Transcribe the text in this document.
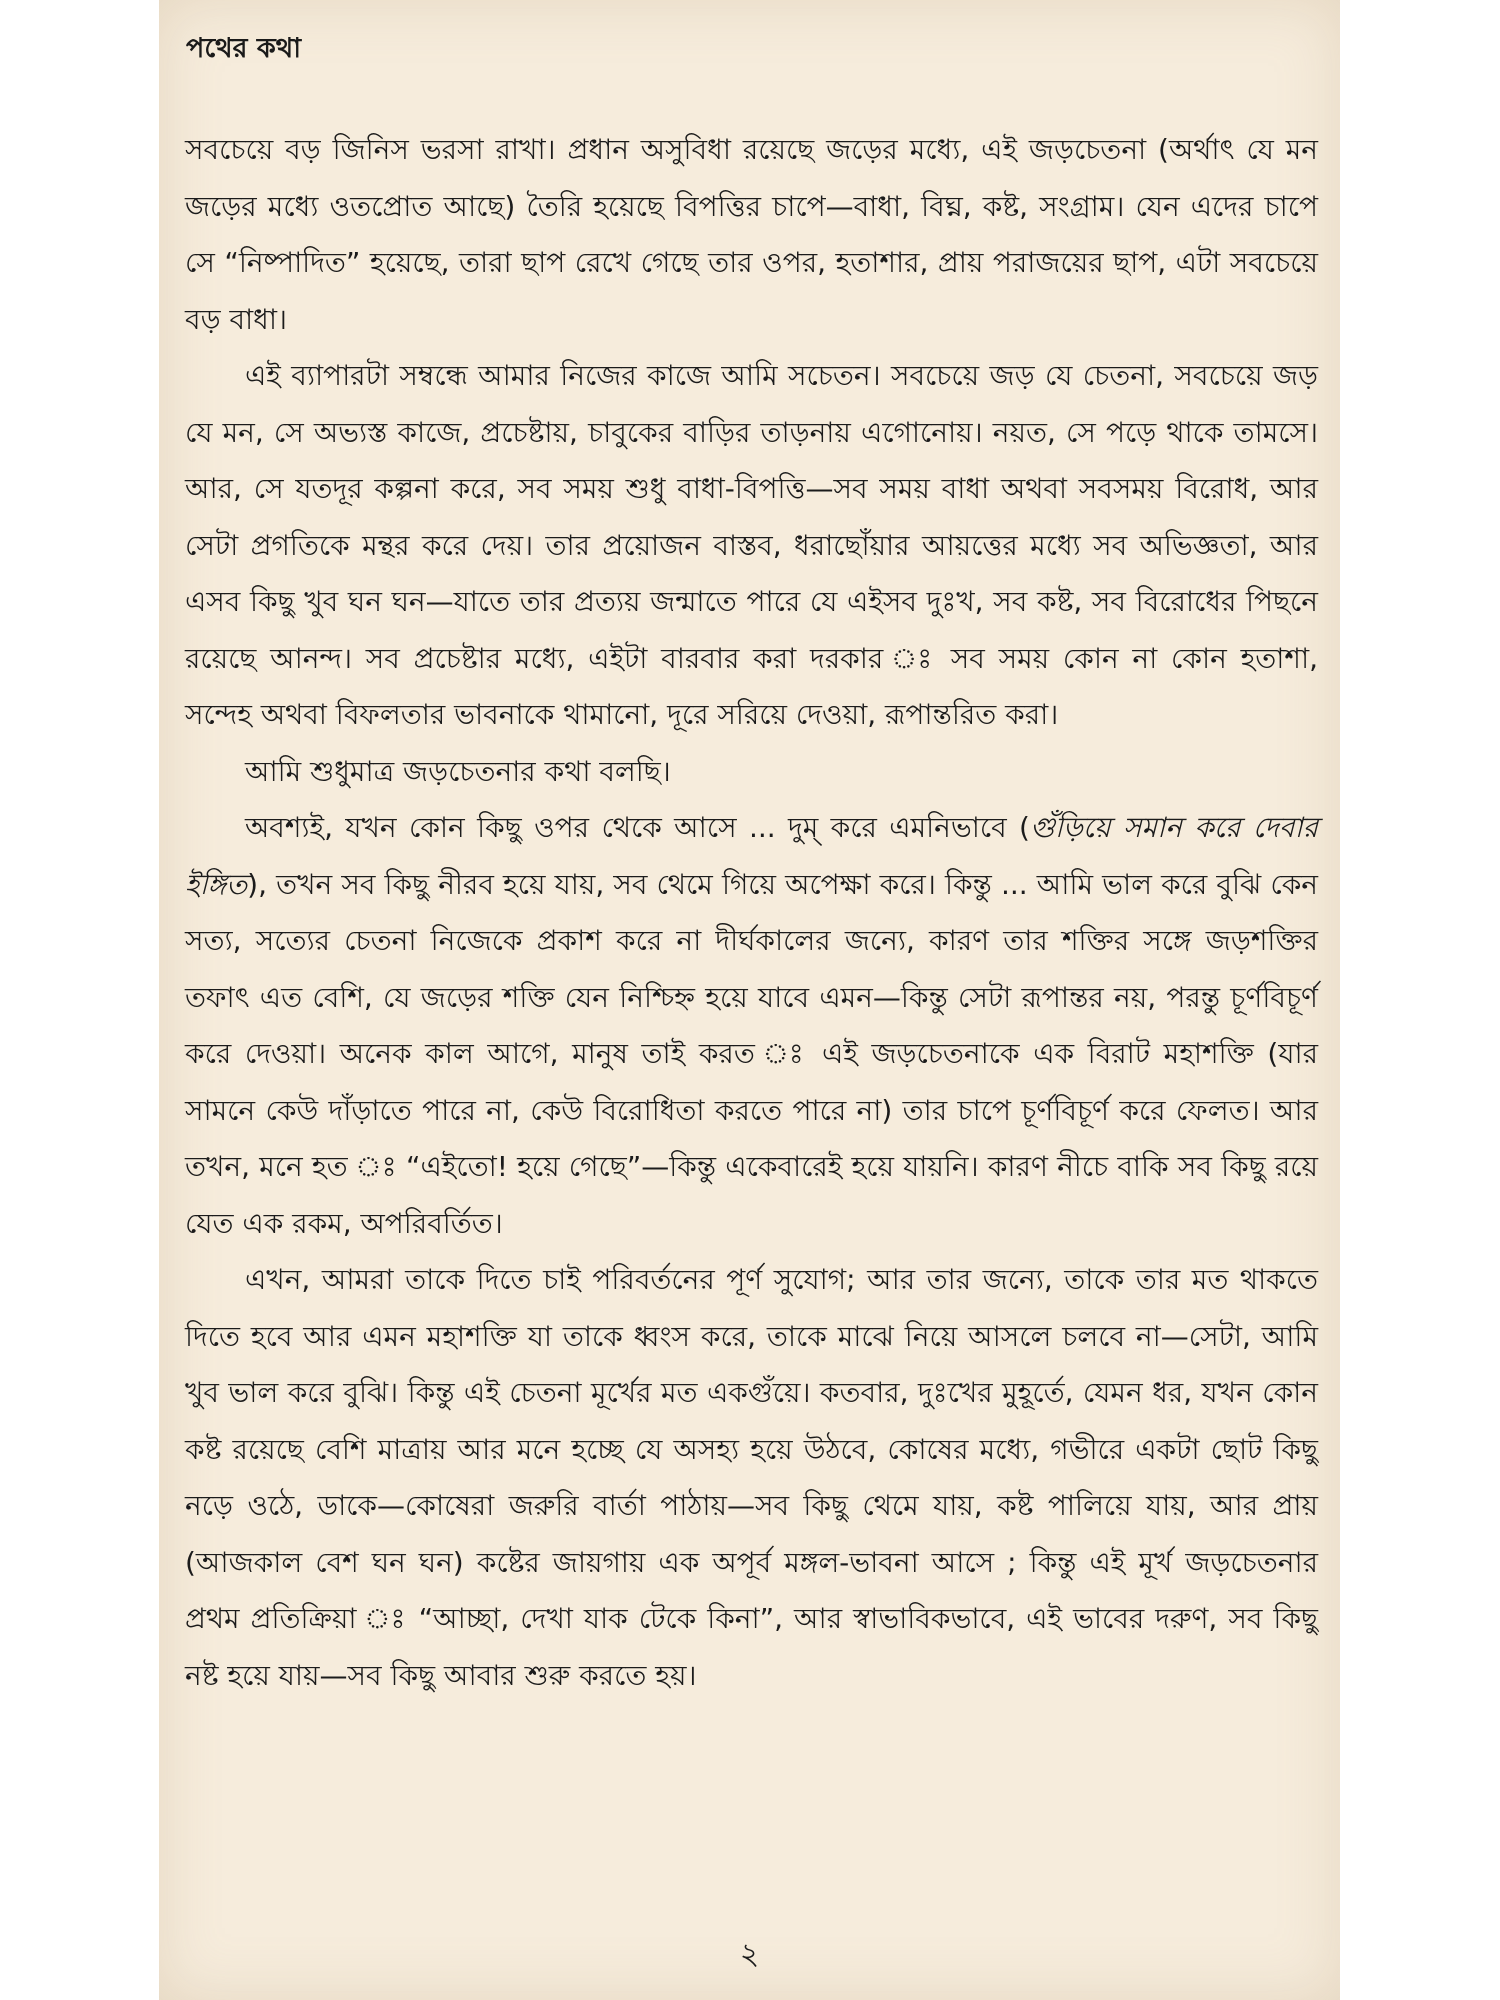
পথের কথা

সবচেয়ে বড় জিনিস ভরসা রাখা। প্রধান অসুবিধা রয়েছে জড়ের মধ্যে, এই জড়চেতনা (অর্থাৎ যে মন জড়ের মধ্যে ওতপ্রোত আছে) তৈরি হয়েছে বিপত্তির চাপে—বাধা, বিঘ্ন, কষ্ট, সংগ্রাম। যেন এদের চাপে সে “নিষ্পাদিত” হয়েছে, তারা ছাপ রেখে গেছে তার ওপর, হতাশার, প্রায় পরাজয়ের ছাপ, এটা সবচেয়ে বড় বাধা।

এই ব্যাপারটা সম্বন্ধে আমার নিজের কাজে আমি সচেতন। সবচেয়ে জড় যে চেতনা, সবচেয়ে জড় যে মন, সে অভ্যস্ত কাজে, প্রচেষ্টায়, চাবুকের বাড়ির তাড়নায় এগোনোয়। নয়ত, সে পড়ে থাকে তামসে। আর, সে যতদূর কল্পনা করে, সব সময় শুধু বাধা-বিপত্তি—সব সময় বাধা অথবা সবসময় বিরোধ, আর সেটা প্রগতিকে মন্থর করে দেয়। তার প্রয়োজন বাস্তব, ধরাছোঁয়ার আয়ত্তের মধ্যে সব অভিজ্ঞতা, আর এসব কিছু খুব ঘন ঘন—যাতে তার প্রত্যয় জন্মাতে পারে যে এইসব দুঃখ, সব কষ্ট, সব বিরোধের পিছনে রয়েছে আনন্দ। সব প্রচেষ্টার মধ্যে, এইটা বারবার করা দরকার ঃ সব সময় কোন না কোন হতাশা, সন্দেহ অথবা বিফলতার ভাবনাকে থামানো, দূরে সরিয়ে দেওয়া, রূপান্তরিত করা।

আমি শুধুমাত্র জড়চেতনার কথা বলছি।

অবশ্যই, যখন কোন কিছু ওপর থেকে আসে ... দুম্ করে এমনিভাবে (গুঁড়িয়ে সমান করে দেবার ইঙ্গিত), তখন সব কিছু নীরব হয়ে যায়, সব থেমে গিয়ে অপেক্ষা করে। কিন্তু ... আমি ভাল করে বুঝি কেন সত্য, সত্যের চেতনা নিজেকে প্রকাশ করে না দীর্ঘকালের জন্যে, কারণ তার শক্তির সঙ্গে জড়শক্তির তফাৎ এত বেশি, যে জড়ের শক্তি যেন নিশ্চিহ্ন হয়ে যাবে এমন—কিন্তু সেটা রূপান্তর নয়, পরন্তু চূর্ণবিচূর্ণ করে দেওয়া। অনেক কাল আগে, মানুষ তাই করত ঃ এই জড়চেতনাকে এক বিরাট মহাশক্তি (যার সামনে কেউ দাঁড়াতে পারে না, কেউ বিরোধিতা করতে পারে না) তার চাপে চূর্ণবিচূর্ণ করে ফেলত। আর তখন, মনে হত ঃ “এইতো! হয়ে গেছে”—কিন্তু একেবারেই হয়ে যায়নি। কারণ নীচে বাকি সব কিছু রয়ে যেত এক রকম, অপরিবর্তিত।

এখন, আমরা তাকে দিতে চাই পরিবর্তনের পূর্ণ সুযোগ; আর তার জন্যে, তাকে তার মত থাকতে দিতে হবে আর এমন মহাশক্তি যা তাকে ধ্বংস করে, তাকে মাঝে নিয়ে আসলে চলবে না—সেটা, আমি খুব ভাল করে বুঝি। কিন্তু এই চেতনা মূর্খের মত একগুঁয়ে। কতবার, দুঃখের মুহূর্তে, যেমন ধর, যখন কোন কষ্ট রয়েছে বেশি মাত্রায় আর মনে হচ্ছে যে অসহ্য হয়ে উঠবে, কোষের মধ্যে, গভীরে একটা ছোট কিছু নড়ে ওঠে, ডাকে—কোষেরা জরুরি বার্তা পাঠায়—সব কিছু থেমে যায়, কষ্ট পালিয়ে যায়, আর প্রায় (আজকাল বেশ ঘন ঘন) কষ্টের জায়গায় এক অপূর্ব মঙ্গল-ভাবনা আসে ; কিন্তু এই মূর্খ জড়চেতনার প্রথম প্রতিক্রিয়া ঃ “আচ্ছা, দেখা যাক টেকে কিনা”, আর স্বাভাবিকভাবে, এই ভাবের দরুণ, সব কিছু নষ্ট হয়ে যায়—সব কিছু আবার শুরু করতে হয়।

২
